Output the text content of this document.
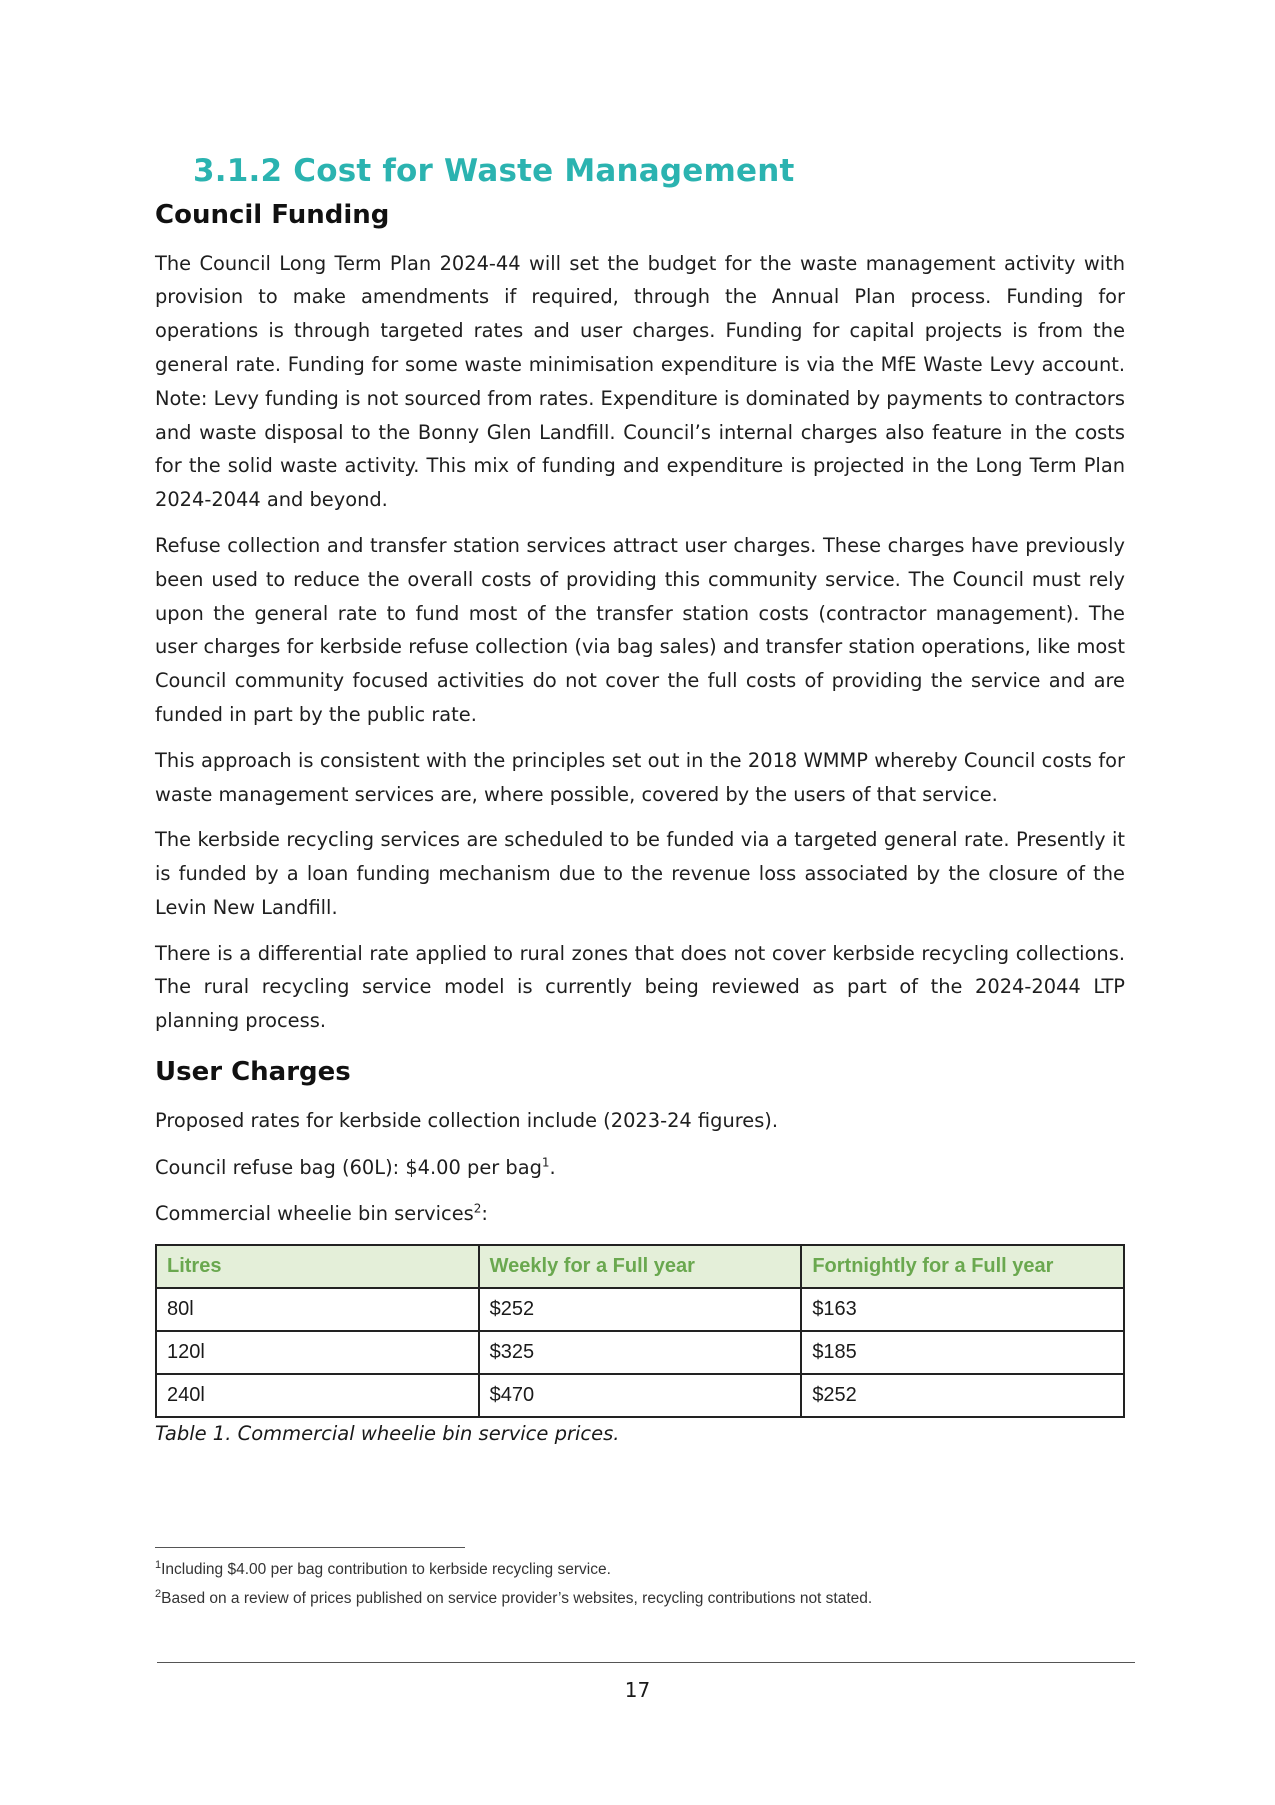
3.1.2 Cost for Waste Management
Council Funding

The Council Long Term Plan 2024-44 will set the budget for the waste management activity with provision to make amendments if required, through the Annual Plan process. Funding for operations is through targeted rates and user charges. Funding for capital projects is from the general rate. Funding for some waste minimisation expenditure is via the MfE Waste Levy account. Note: Levy funding is not sourced from rates. Expenditure is dominated by payments to contractors and waste disposal to the Bonny Glen Landfill. Council’s internal charges also feature in the costs for the solid waste activity. This mix of funding and expenditure is projected in the Long Term Plan 2024-2044 and beyond.

Refuse collection and transfer station services attract user charges. These charges have previously been used to reduce the overall costs of providing this community service. The Council must rely upon the general rate to fund most of the transfer station costs (contractor management). The user charges for kerbside refuse collection (via bag sales) and transfer station operations, like most Council community focused activities do not cover the full costs of providing the service and are funded in part by the public rate.

This approach is consistent with the principles set out in the 2018 WMMP whereby Council costs for waste management services are, where possible, covered by the users of that service.

The kerbside recycling services are scheduled to be funded via a targeted general rate. Presently it is funded by a loan funding mechanism due to the revenue loss associated by the closure of the Levin New Landfill.

There is a differential rate applied to rural zones that does not cover kerbside recycling collections. The rural recycling service model is currently being reviewed as part of the 2024-2044 LTP planning process.

User Charges

Proposed rates for kerbside collection include (2023-24 figures).

Council refuse bag (60L): $4.00 per bag$^1$.

Commercial wheelie bin services$^2$:

Litres	Weekly for a Full year	Fortnightly for a Full year
80l	$252	$163
120l	$325	$185
240l	$470	$252
Table 1. Commercial wheelie bin service prices.
$^1$Including $4.00 per bag contribution to kerbside recycling service.
$^2$Based on a review of prices published on service provider’s websites, recycling contributions not stated.
17
